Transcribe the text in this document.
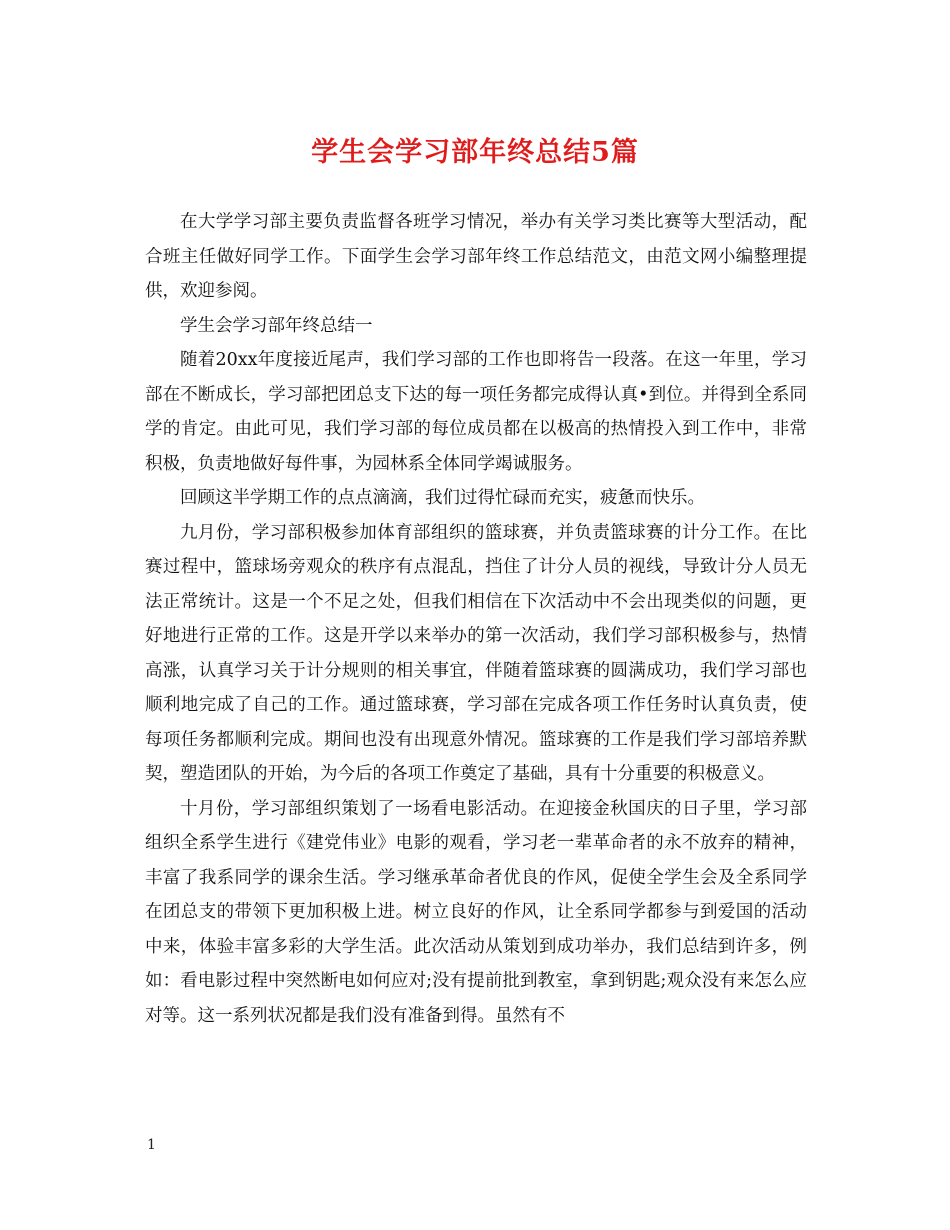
学生会学习部年终总结5篇

在大学学习部主要负责监督各班学习情况，举办有关学习类比赛等大型活动，配合班主任做好同学工作。下面学生会学习部年终工作总结范文，由范文网小编整理提供，欢迎参阅。

学生会学习部年终总结一

随着20xx年度接近尾声，我们学习部的工作也即将告一段落。在这一年里，学习部在不断成长，学习部把团总支下达的每一项任务都完成得认真•到位。并得到全系同学的肯定。由此可见，我们学习部的每位成员都在以极高的热情投入到工作中，非常积极，负责地做好每件事，为园林系全体同学竭诚服务。

回顾这半学期工作的点点滴滴，我们过得忙碌而充实，疲惫而快乐。

九月份，学习部积极参加体育部组织的篮球赛，并负责篮球赛的计分工作。在比赛过程中，篮球场旁观众的秩序有点混乱，挡住了计分人员的视线，导致计分人员无法正常统计。这是一个不足之处，但我们相信在下次活动中不会出现类似的问题，更好地进行正常的工作。这是开学以来举办的第一次活动，我们学习部积极参与，热情高涨，认真学习关于计分规则的相关事宜，伴随着篮球赛的圆满成功，我们学习部也顺利地完成了自己的工作。通过篮球赛，学习部在完成各项工作任务时认真负责，使每项任务都顺利完成。期间也没有出现意外情况。篮球赛的工作是我们学习部培养默契，塑造团队的开始，为今后的各项工作奠定了基础，具有十分重要的积极意义。

十月份，学习部组织策划了一场看电影活动。在迎接金秋国庆的日子里，学习部组织全系学生进行《建党伟业》电影的观看，学习老一辈革命者的永不放弃的精神，丰富了我系同学的课余生活。学习继承革命者优良的作风，促使全学生会及全系同学在团总支的带领下更加积极上进。树立良好的作风，让全系同学都参与到爱国的活动中来，体验丰富多彩的大学生活。此次活动从策划到成功举办，我们总结到许多，例如：看电影过程中突然断电如何应对;没有提前批到教室，拿到钥匙;观众没有来怎么应对等。这一系列状况都是我们没有准备到得。虽然有不

1
